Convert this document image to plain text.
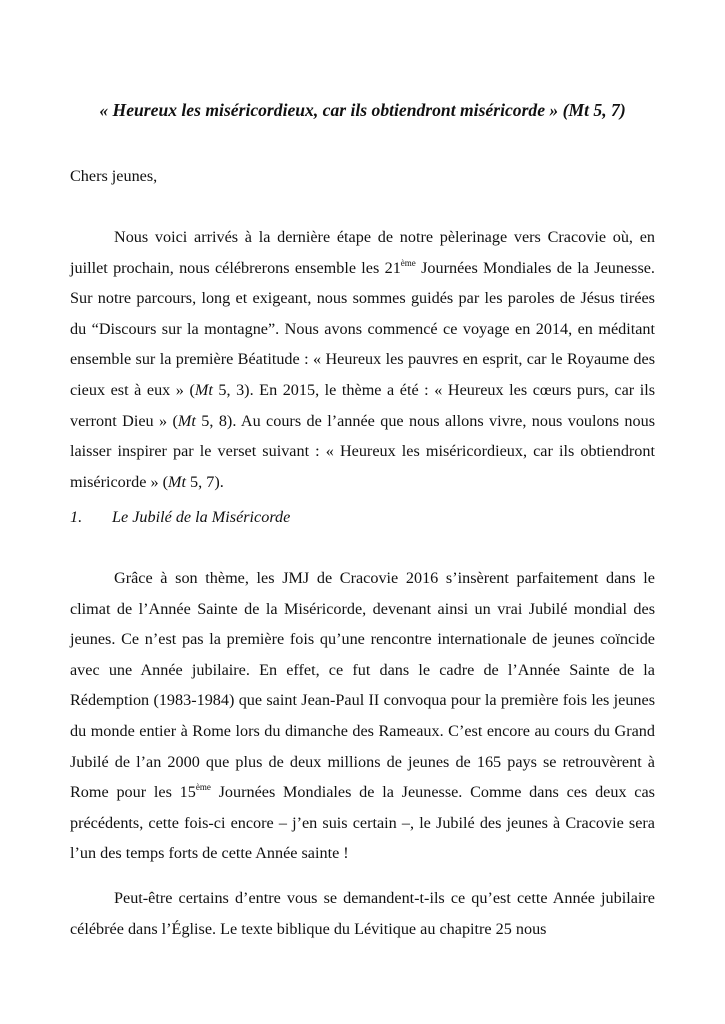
« Heureux les miséricordieux, car ils obtiendront miséricorde » (Mt 5, 7)

Chers jeunes,

Nous voici arrivés à la dernière étape de notre pèlerinage vers Cracovie où, en juillet prochain, nous célébrerons ensemble les 21ème Journées Mondiales de la Jeunesse. Sur notre parcours, long et exigeant, nous sommes guidés par les paroles de Jésus tirées du “Discours sur la montagne”. Nous avons commencé ce voyage en 2014, en méditant ensemble sur la première Béatitude : « Heureux les pauvres en esprit, car le Royaume des cieux est à eux » (Mt 5, 3). En 2015, le thème a été : « Heureux les cœurs purs, car ils verront Dieu » (Mt 5, 8). Au cours de l’année que nous allons vivre, nous voulons nous laisser inspirer par le verset suivant : « Heureux les miséricordieux, car ils obtiendront miséricorde » (Mt 5, 7).

1. Le Jubilé de la Miséricorde

Grâce à son thème, les JMJ de Cracovie 2016 s’insèrent parfaitement dans le climat de l’Année Sainte de la Miséricorde, devenant ainsi un vrai Jubilé mondial des jeunes. Ce n’est pas la première fois qu’une rencontre internationale de jeunes coïncide avec une Année jubilaire. En effet, ce fut dans le cadre de l’Année Sainte de la Rédemption (1983-1984) que saint Jean-Paul II convoqua pour la première fois les jeunes du monde entier à Rome lors du dimanche des Rameaux. C’est encore au cours du Grand Jubilé de l’an 2000 que plus de deux millions de jeunes de 165 pays se retrouvèrent à Rome pour les 15ème Journées Mondiales de la Jeunesse. Comme dans ces deux cas précédents, cette fois-ci encore – j’en suis certain –, le Jubilé des jeunes à Cracovie sera l’un des temps forts de cette Année sainte !

Peut-être certains d’entre vous se demandent-t-ils ce qu’est cette Année jubilaire célébrée dans l’Église. Le texte biblique du Lévitique au chapitre 25 nous
